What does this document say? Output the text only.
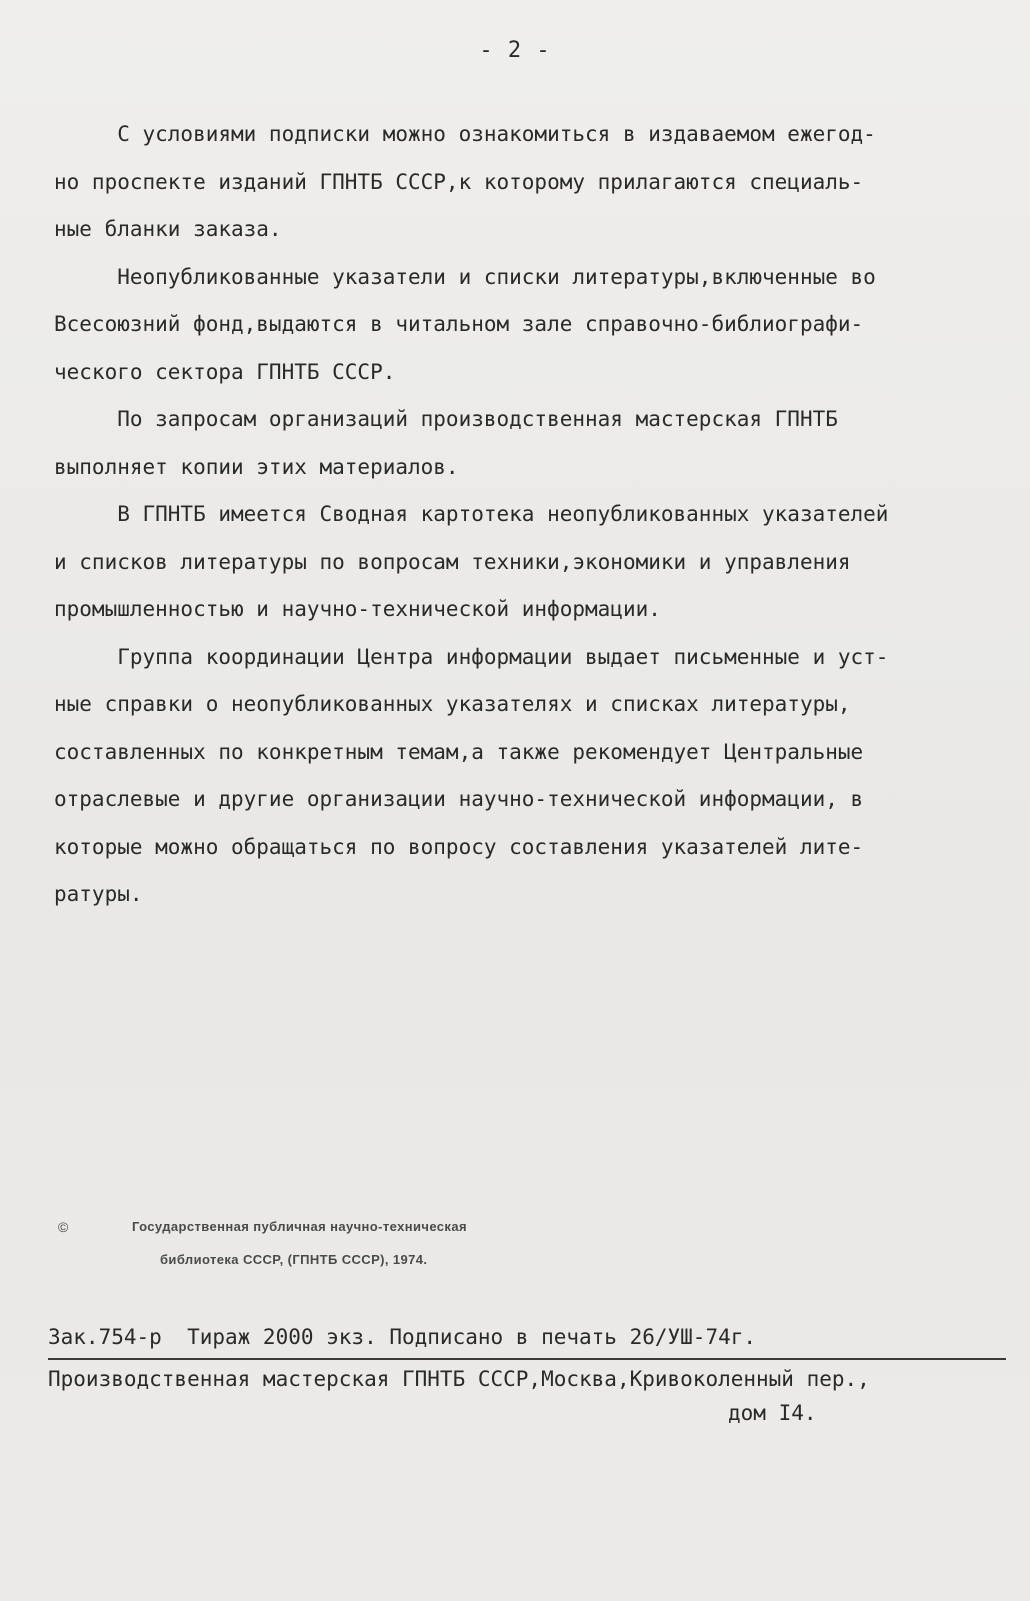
- 2 -
С условиями подписки можно ознакомиться в издаваемом ежегод-
но проспекте изданий ГПНТБ СССР,к которому прилагаются специаль-
ные бланки заказа.
Неопубликованные указатели и списки литературы,включенные во
Всесоюзний фонд,выдаются в читальном зале справочно-библиографи-
ческого сектора ГПНТБ СССР.
По запросам организаций производственная мастерская ГПНТБ
выполняет копии этих материалов.
В ГПНТБ имеется Сводная картотека неопубликованных указателей
и списков литературы по вопросам техники,экономики и управления
промышленностью и научно-технической информации.
Группа координации Центра информации выдает письменные и уст-
ные справки о неопубликованных указателях и списках литературы,
составленных по конкретным темам,а также рекомендует Центральные
отраслевые и другие организации научно-технической информации, в
которые можно обращаться по вопросу составления указателей лите-
ратуры.
©	Государственная публичная научно-техническая
библиотека СССР, (ГПНТБ СССР), 1974.
Зак.754-р  Тираж 2000 экз. Подписано в печать 26/УШ-74г.
Производственная мастерская ГПНТБ СССР,Москва,Кривоколенный пер.,
дом I4.
